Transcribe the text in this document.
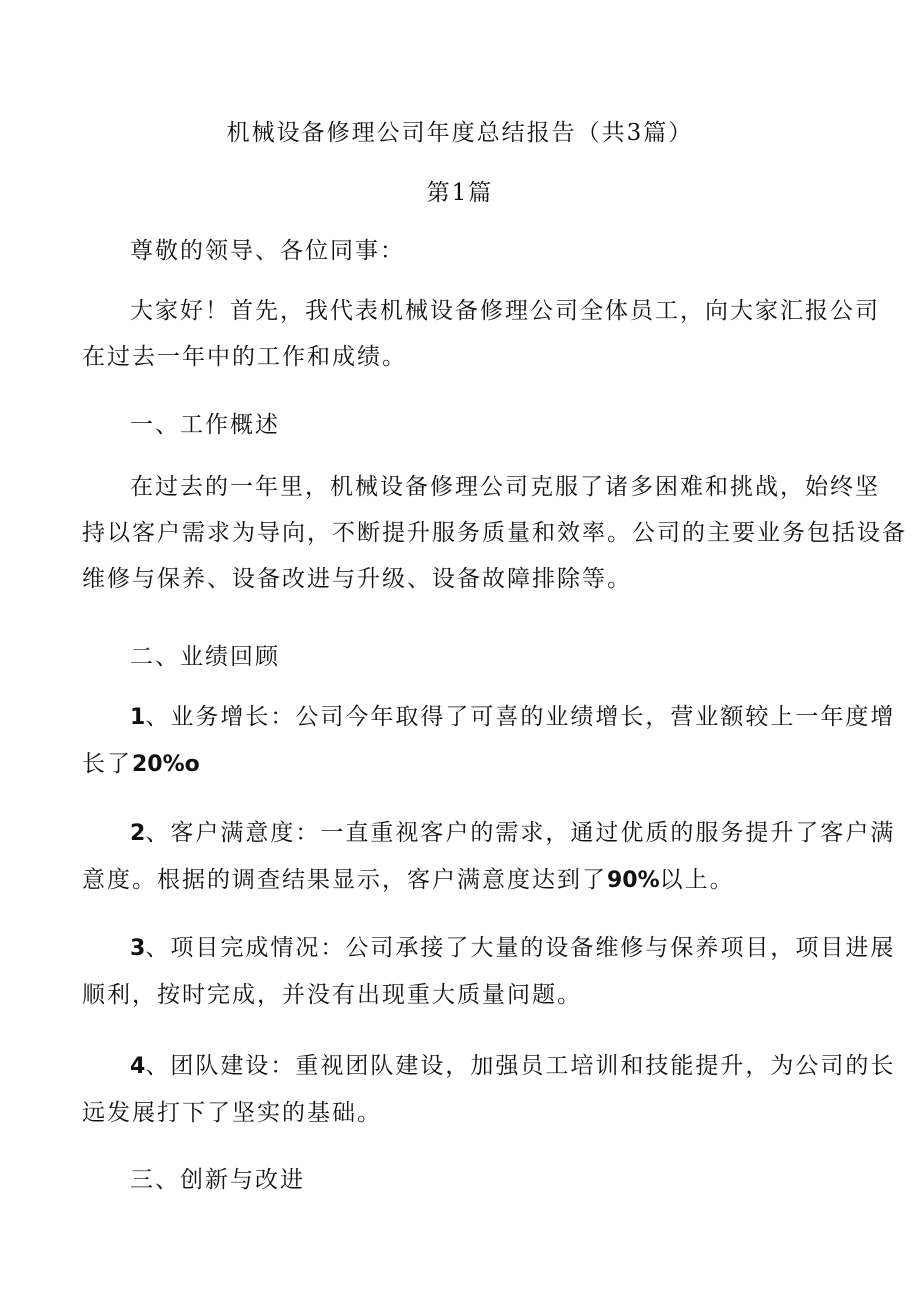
机械设备修理公司年度总结报告（共3篇）
第1篇

尊敬的领导、各位同事：

大家好！首先，我代表机械设备修理公司全体员工，向大家汇报公司
在过去一年中的工作和成绩。

一、工作概述

在过去的一年里，机械设备修理公司克服了诸多困难和挑战，始终坚
持以客户需求为导向，不断提升服务质量和效率。公司的主要业务包括设备
维修与保养、设备改进与升级、设备故障排除等。

二、业绩回顾

1、业务增长：公司今年取得了可喜的业绩增长，营业额较上一年度增
长了20%o

2、客户满意度：一直重视客户的需求，通过优质的服务提升了客户满
意度。根据的调查结果显示，客户满意度达到了90%以上。

3、项目完成情况：公司承接了大量的设备维修与保养项目，项目进展
顺利，按时完成，并没有出现重大质量问题。

4、团队建设：重视团队建设，加强员工培训和技能提升，为公司的长
远发展打下了坚实的基础。

三、创新与改进
